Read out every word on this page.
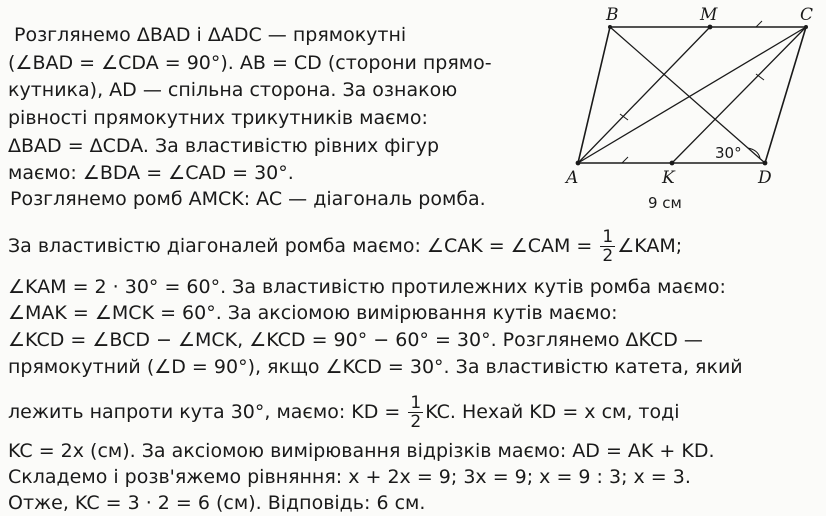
Розглянемо ΔBAD і ΔADC — прямокутні
(∠BAD = ∠CDA = 90°). AB = CD (сторони прямо-
кутника), AD — спільна сторона. За ознакою
рівності прямокутних трикутників маємо:
ΔBAD = ΔCDA. За властивістю рівних фігур
маємо: ∠BDA = ∠CAD = 30°.
Розглянемо ромб AMCK: AC — діагональ ромба.
За властивістю діагоналей ромба маємо: ∠CAK = ∠CAM = $\frac{1}{2}$ ∠KAM;
∠KAM = 2 · 30° = 60°. За властивістю протилежних кутів ромба маємо:
∠MAK = ∠MCK = 60°. За аксіомою вимірювання кутів маємо:
∠KCD = ∠BCD − ∠MCK, ∠KCD = 90° − 60° = 30°. Розглянемо ΔKCD —
прямокутний (∠D = 90°), якщо ∠KCD = 30°. За властивістю катета, який
лежить напроти кута 30°, маємо: KD = $\frac{1}{2}$ KC. Нехай KD = x см, тоді
KC = 2x (см). За аксіомою вимірювання відрізків маємо: AD = AK + KD.
Складемо і розв'яжемо рівняння: x + 2x = 9; 3x = 9; x = 9 : 3; x = 3.
Отже, KC = 3 · 2 = 6 (см). Відповідь: 6 см.
B	M	C
A	K	D
30°
9 см
